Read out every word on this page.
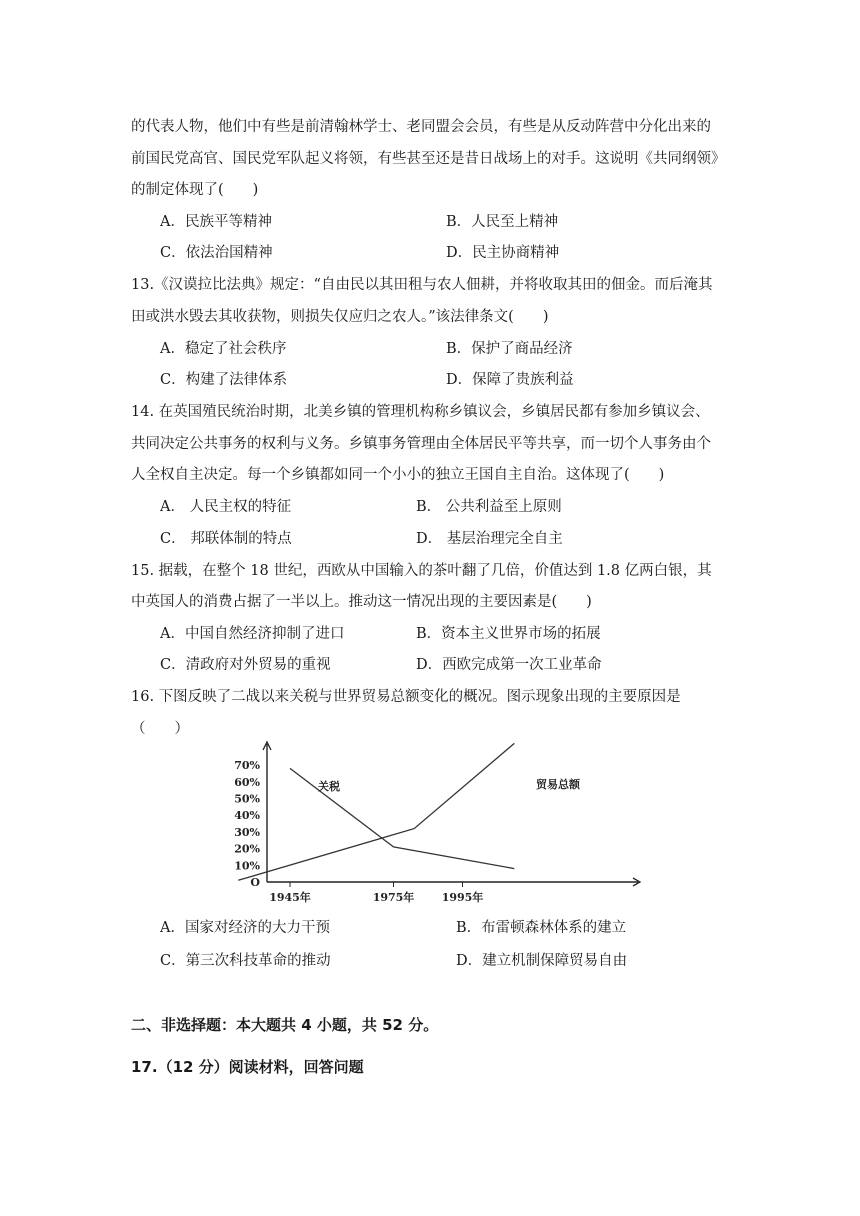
的代表人物，他们中有些是前清翰林学士、老同盟会会员，有些是从反动阵营中分化出来的
前国民党高官、国民党军队起义将领，有些甚至还是昔日战场上的对手。这说明《共同纲领》
的制定体现了(　　)
A．民族平等精神	B．人民至上精神
C．依法治国精神	D．民主协商精神
13.《汉谟拉比法典》规定：“自由民以其田租与农人佃耕，并将收取其田的佃金。而后淹其
田或洪水毁去其收获物，则损失仅应归之农人。”该法律条文(　　)
A．稳定了社会秩序	B．保护了商品经济
C．构建了法律体系	D．保障了贵族利益
14. 在英国殖民统治时期，北美乡镇的管理机构称乡镇议会，乡镇居民都有参加乡镇议会、
共同决定公共事务的权利与义务。乡镇事务管理由全体居民平等共享，而一切个人事务由个
人全权自主决定。每一个乡镇都如同一个小小的独立王国自主自治。这体现了(　　)
A． 人民主权的特征	B． 公共利益至上原则
C． 邦联体制的特点	D． 基层治理完全自主
15. 据载，在整个 18 世纪，西欧从中国输入的茶叶翻了几倍，价值达到 1.8 亿两白银，其
中英国人的消费占据了一半以上。推动这一情况出现的主要因素是(　　)
A．中国自然经济抑制了进口	B．资本主义世界市场的拓展
C．清政府对外贸易的重视	D．西欧完成第一次工业革命
16. 下图反映了二战以来关税与世界贸易总额变化的概况。图示现象出现的主要原因是
（　　）
O
10%
20%
30%
40%
50%
60%
70%
1945年	1975年 1995年
关税	贸易总额
A．国家对经济的大力干预	B．布雷顿森林体系的建立
C．第三次科技革命的推动	D．建立机制保障贸易自由
二、非选择题：本大题共 4 小题，共 52 分。
17.（12 分）阅读材料，回答问题
